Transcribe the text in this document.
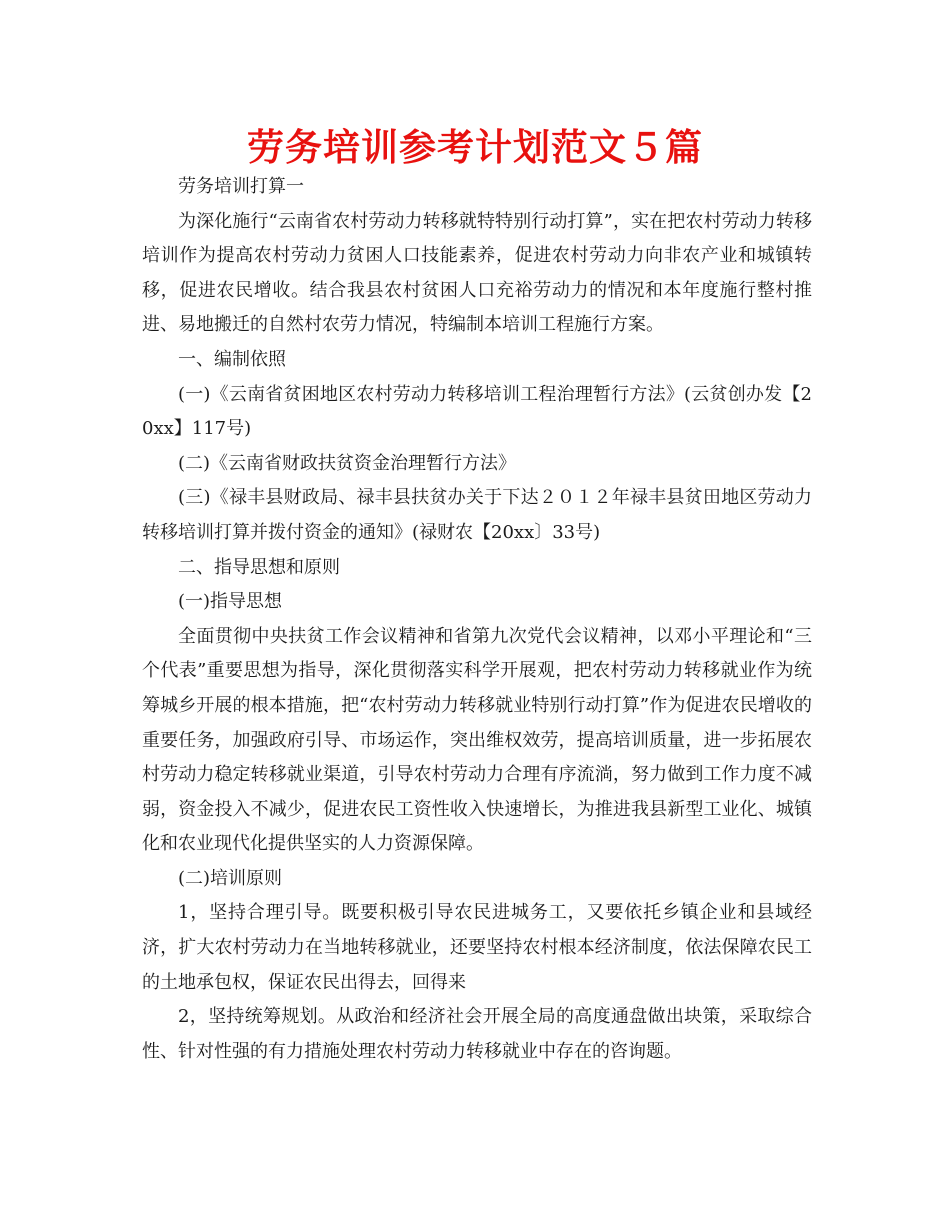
劳务培训参考计划范文５篇

劳务培训打算一

为深化施行“云南省农村劳动力转移就特特别行动打算”，实在把农村劳动力转移培训作为提高农村劳动力贫困人口技能素养，促进农村劳动力向非农产业和城镇转移，促进农民增收。结合我县农村贫困人口充裕劳动力的情况和本年度施行整村推进、易地搬迁的自然村农劳力情况，特编制本培训工程施行方案。

一、编制依照

(一)《云南省贫困地区农村劳动力转移培训工程治理暂行方法》(云贫创办发【20xx】117号)

(二)《云南省财政扶贫资金治理暂行方法》

(三)《禄丰县财政局、禄丰县扶贫办关于下达２０１２年禄丰县贫田地区劳动力转移培训打算并拨付资金的通知》(禄财农【20xx〕33号)

二、指导思想和原则

(一)指导思想

全面贯彻中央扶贫工作会议精神和省第九次党代会议精神，以邓小平理论和“三个代表”重要思想为指导，深化贯彻落实科学开展观，把农村劳动力转移就业作为统筹城乡开展的根本措施，把“农村劳动力转移就业特别行动打算”作为促进农民增收的重要任务，加强政府引导、市场运作，突出维权效劳，提高培训质量，进一步拓展农村劳动力稳定转移就业渠道，引导农村劳动力合理有序流淌，努力做到工作力度不减弱，资金投入不减少，促进农民工资性收入快速增长，为推进我县新型工业化、城镇化和农业现代化提供坚实的人力资源保障。

(二)培训原则

1，坚持合理引导。既要积极引导农民进城务工，又要依托乡镇企业和县域经济，扩大农村劳动力在当地转移就业，还要坚持农村根本经济制度，依法保障农民工的土地承包权，保证农民出得去，回得来

2，坚持统筹规划。从政治和经济社会开展全局的高度通盘做出块策，采取综合性、针对性强的有力措施处理农村劳动力转移就业中存在的咨询题。
